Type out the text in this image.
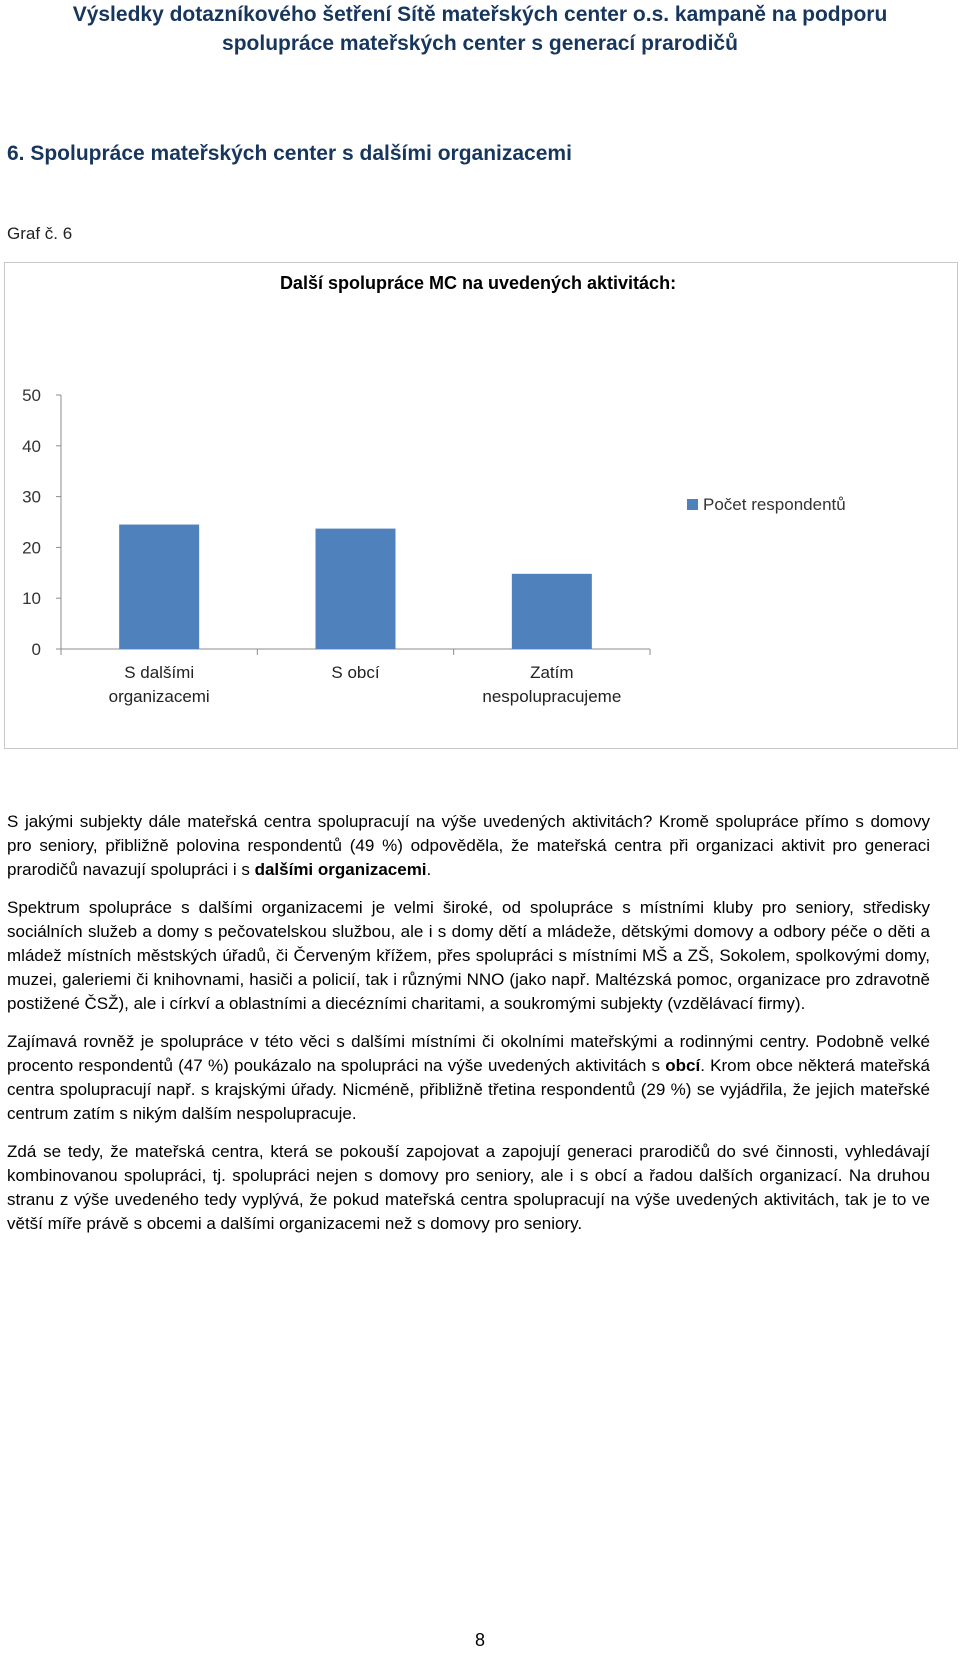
Výsledky dotazníkového šetření Sítě mateřských center o.s. kampaně na podporu
spolupráce mateřských center s generací prarodičů
6. Spolupráce mateřských center s dalšími organizacemi
Graf č. 6
Další spolupráce MC na uvedených aktivitách:
0
10
20
30
40
50
S dalšími
organizacemi
S obcí	Zatím
nespolupracujeme
Počet respondentů

S jakými subjekty dále mateřská centra spolupracují na výše uvedených aktivitách? Kromě spolupráce přímo s domovy pro seniory, přibližně polovina respondentů (49 %) odpověděla, že mateřská centra při organizaci aktivit pro generaci prarodičů navazují spolupráci i s dalšími organizacemi.

Spektrum spolupráce s dalšími organizacemi je velmi široké, od spolupráce s místními kluby pro seniory, středisky sociálních služeb a domy s pečovatelskou službou, ale i s domy dětí a mládeže, dětskými domovy a odbory péče o děti a mládež místních městských úřadů, či Červeným křížem, přes spolupráci s místními MŠ a ZŠ, Sokolem, spolkovými domy, muzei, galeriemi či knihovnami, hasiči a policií, tak i různými NNO (jako např. Maltézská pomoc, organizace pro zdravotně postižené ČSŽ), ale i církví a oblastními a diecézními charitami, a soukromými subjekty (vzdělávací firmy).

Zajímavá rovněž je spolupráce v této věci s dalšími místními či okolními mateřskými a rodinnými centry. Podobně velké procento respondentů (47 %) poukázalo na spolupráci na výše uvedených aktivitách s obcí. Krom obce některá mateřská centra spolupracují např. s krajskými úřady. Nicméně, přibližně třetina respondentů (29 %) se vyjádřila, že jejich mateřské centrum zatím s nikým dalším nespolupracuje.

Zdá se tedy, že mateřská centra, která se pokouší zapojovat a zapojují generaci prarodičů do své činnosti, vyhledávají kombinovanou spolupráci, tj. spolupráci nejen s domovy pro seniory, ale i s obcí a řadou dalších organizací. Na druhou stranu z výše uvedeného tedy vyplývá, že pokud mateřská centra spolupracují na výše uvedených aktivitách, tak je to ve větší míře právě s obcemi a dalšími organizacemi než s domovy pro seniory.

8
